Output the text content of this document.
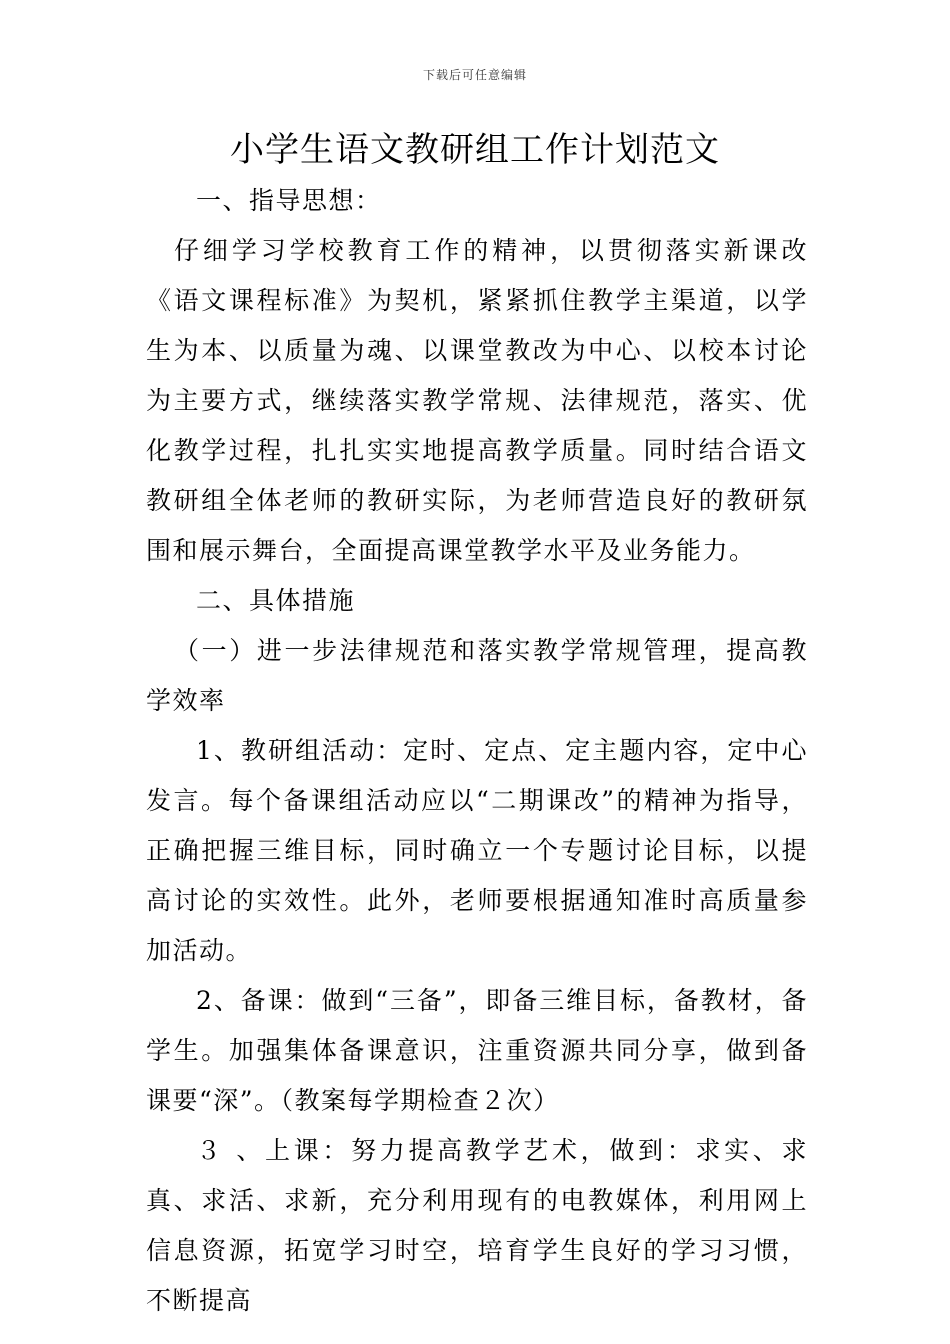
下载后可任意编辑
小学生语文教研组工作计划范文

一、指导思想：

仔细学习学校教育工作的精神，以贯彻落实新课改《语文课程标准》为契机，紧紧抓住教学主渠道，以学生为本、以质量为魂、以课堂教改为中心、以校本讨论为主要方式，继续落实教学常规、法律规范，落实、优化教学过程，扎扎实实地提高教学质量。同时结合语文教研组全体老师的教研实际，为老师营造良好的教研氛围和展示舞台，全面提高课堂教学水平及业务能力。

二、具体措施

（一）进一步法律规范和落实教学常规管理，提高教学效率

1、教研组活动：定时、定点、定主题内容，定中心发言。每个备课组活动应以“二期课改”的精神为指导，正确把握三维目标，同时确立一个专题讨论目标，以提高讨论的实效性。此外，老师要根据通知准时高质量参加活动。

2、备课：做到“三备”，即备三维目标，备教材，备学生。加强集体备课意识，注重资源共同分享，做到备课要“深”。（教案每学期检查２次）

３ 、上课：努力提高教学艺术，做到：求实、求真、求活、求新，充分利用现有的电教媒体，利用网上信息资源，拓宽学习时空，培育学生良好的学习习惯，不断提高
